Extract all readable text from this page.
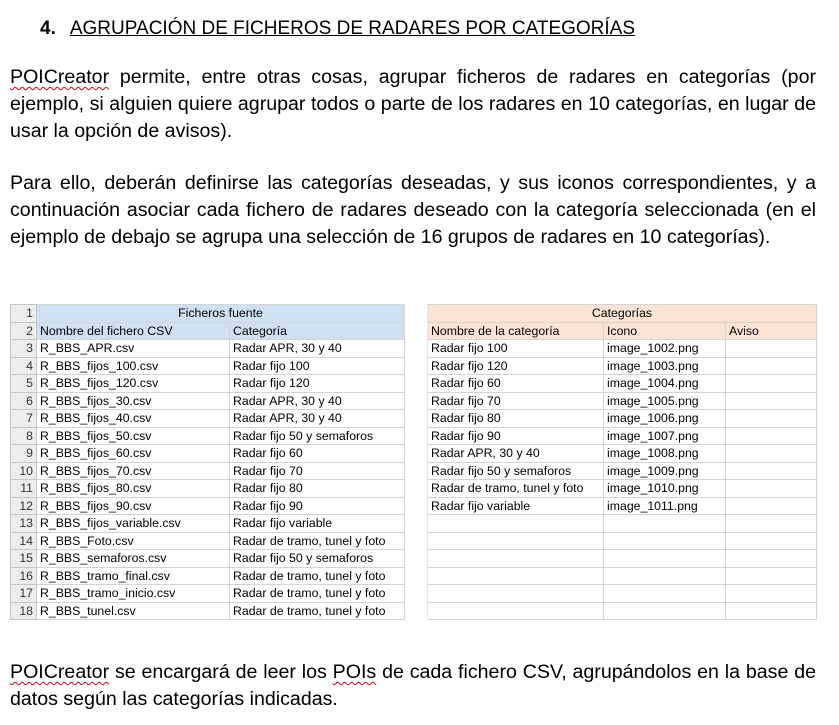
4. AGRUPACIÓN DE FICHEROS DE RADARES POR CATEGORÍAS
POICreator permite, entre otras cosas, agrupar ficheros de radares en categorías (por ejemplo, si alguien quiere agrupar todos o parte de los radares en 10 categorías, en lugar de usar la opción de avisos).
Para ello, deberán definirse las categorías deseadas, y sus iconos correspondientes, y a continuación asociar cada fichero de radares deseado con la categoría seleccionada (en el ejemplo de debajo se agrupa una selección de 16 grupos de radares en 10 categorías).
1	Ficheros fuente			Categorías		
2	Nombre del fichero CSV	Categoría		Nombre de la categoría	Icono	Aviso
3	R_BBS_APR.csv	Radar APR, 30 y 40		Radar fijo 100	image_1002.png	
4	R_BBS_fijos_100.csv	Radar fijo 100		Radar fijo 120	image_1003.png	
5	R_BBS_fijos_120.csv	Radar fijo 120		Radar fijo 60	image_1004.png	
6	R_BBS_fijos_30.csv	Radar APR, 30 y 40		Radar fijo 70	image_1005.png	
7	R_BBS_fijos_40.csv	Radar APR, 30 y 40		Radar fijo 80	image_1006.png	
8	R_BBS_fijos_50.csv	Radar fijo 50 y semaforos		Radar fijo 90	image_1007.png	
9	R_BBS_fijos_60.csv	Radar fijo 60		Radar APR, 30 y 40	image_1008.png	
10	R_BBS_fijos_70.csv	Radar fijo 70		Radar fijo 50 y semaforos	image_1009.png	
11	R_BBS_fijos_80.csv	Radar fijo 80		Radar de tramo, tunel y foto	image_1010.png	
12	R_BBS_fijos_90.csv	Radar fijo 90		Radar fijo variable	image_1011.png	
13	R_BBS_fijos_variable.csv	Radar fijo variable				
14	R_BBS_Foto.csv	Radar de tramo, tunel y foto				
15	R_BBS_semaforos.csv	Radar fijo 50 y semaforos				
16	R_BBS_tramo_final.csv	Radar de tramo, tunel y foto				
17	R_BBS_tramo_inicio.csv	Radar de tramo, tunel y foto				
18	R_BBS_tunel.csv	Radar de tramo, tunel y foto				
POICreator se encargará de leer los POIs de cada fichero CSV, agrupándolos en la base de datos según las categorías indicadas.
